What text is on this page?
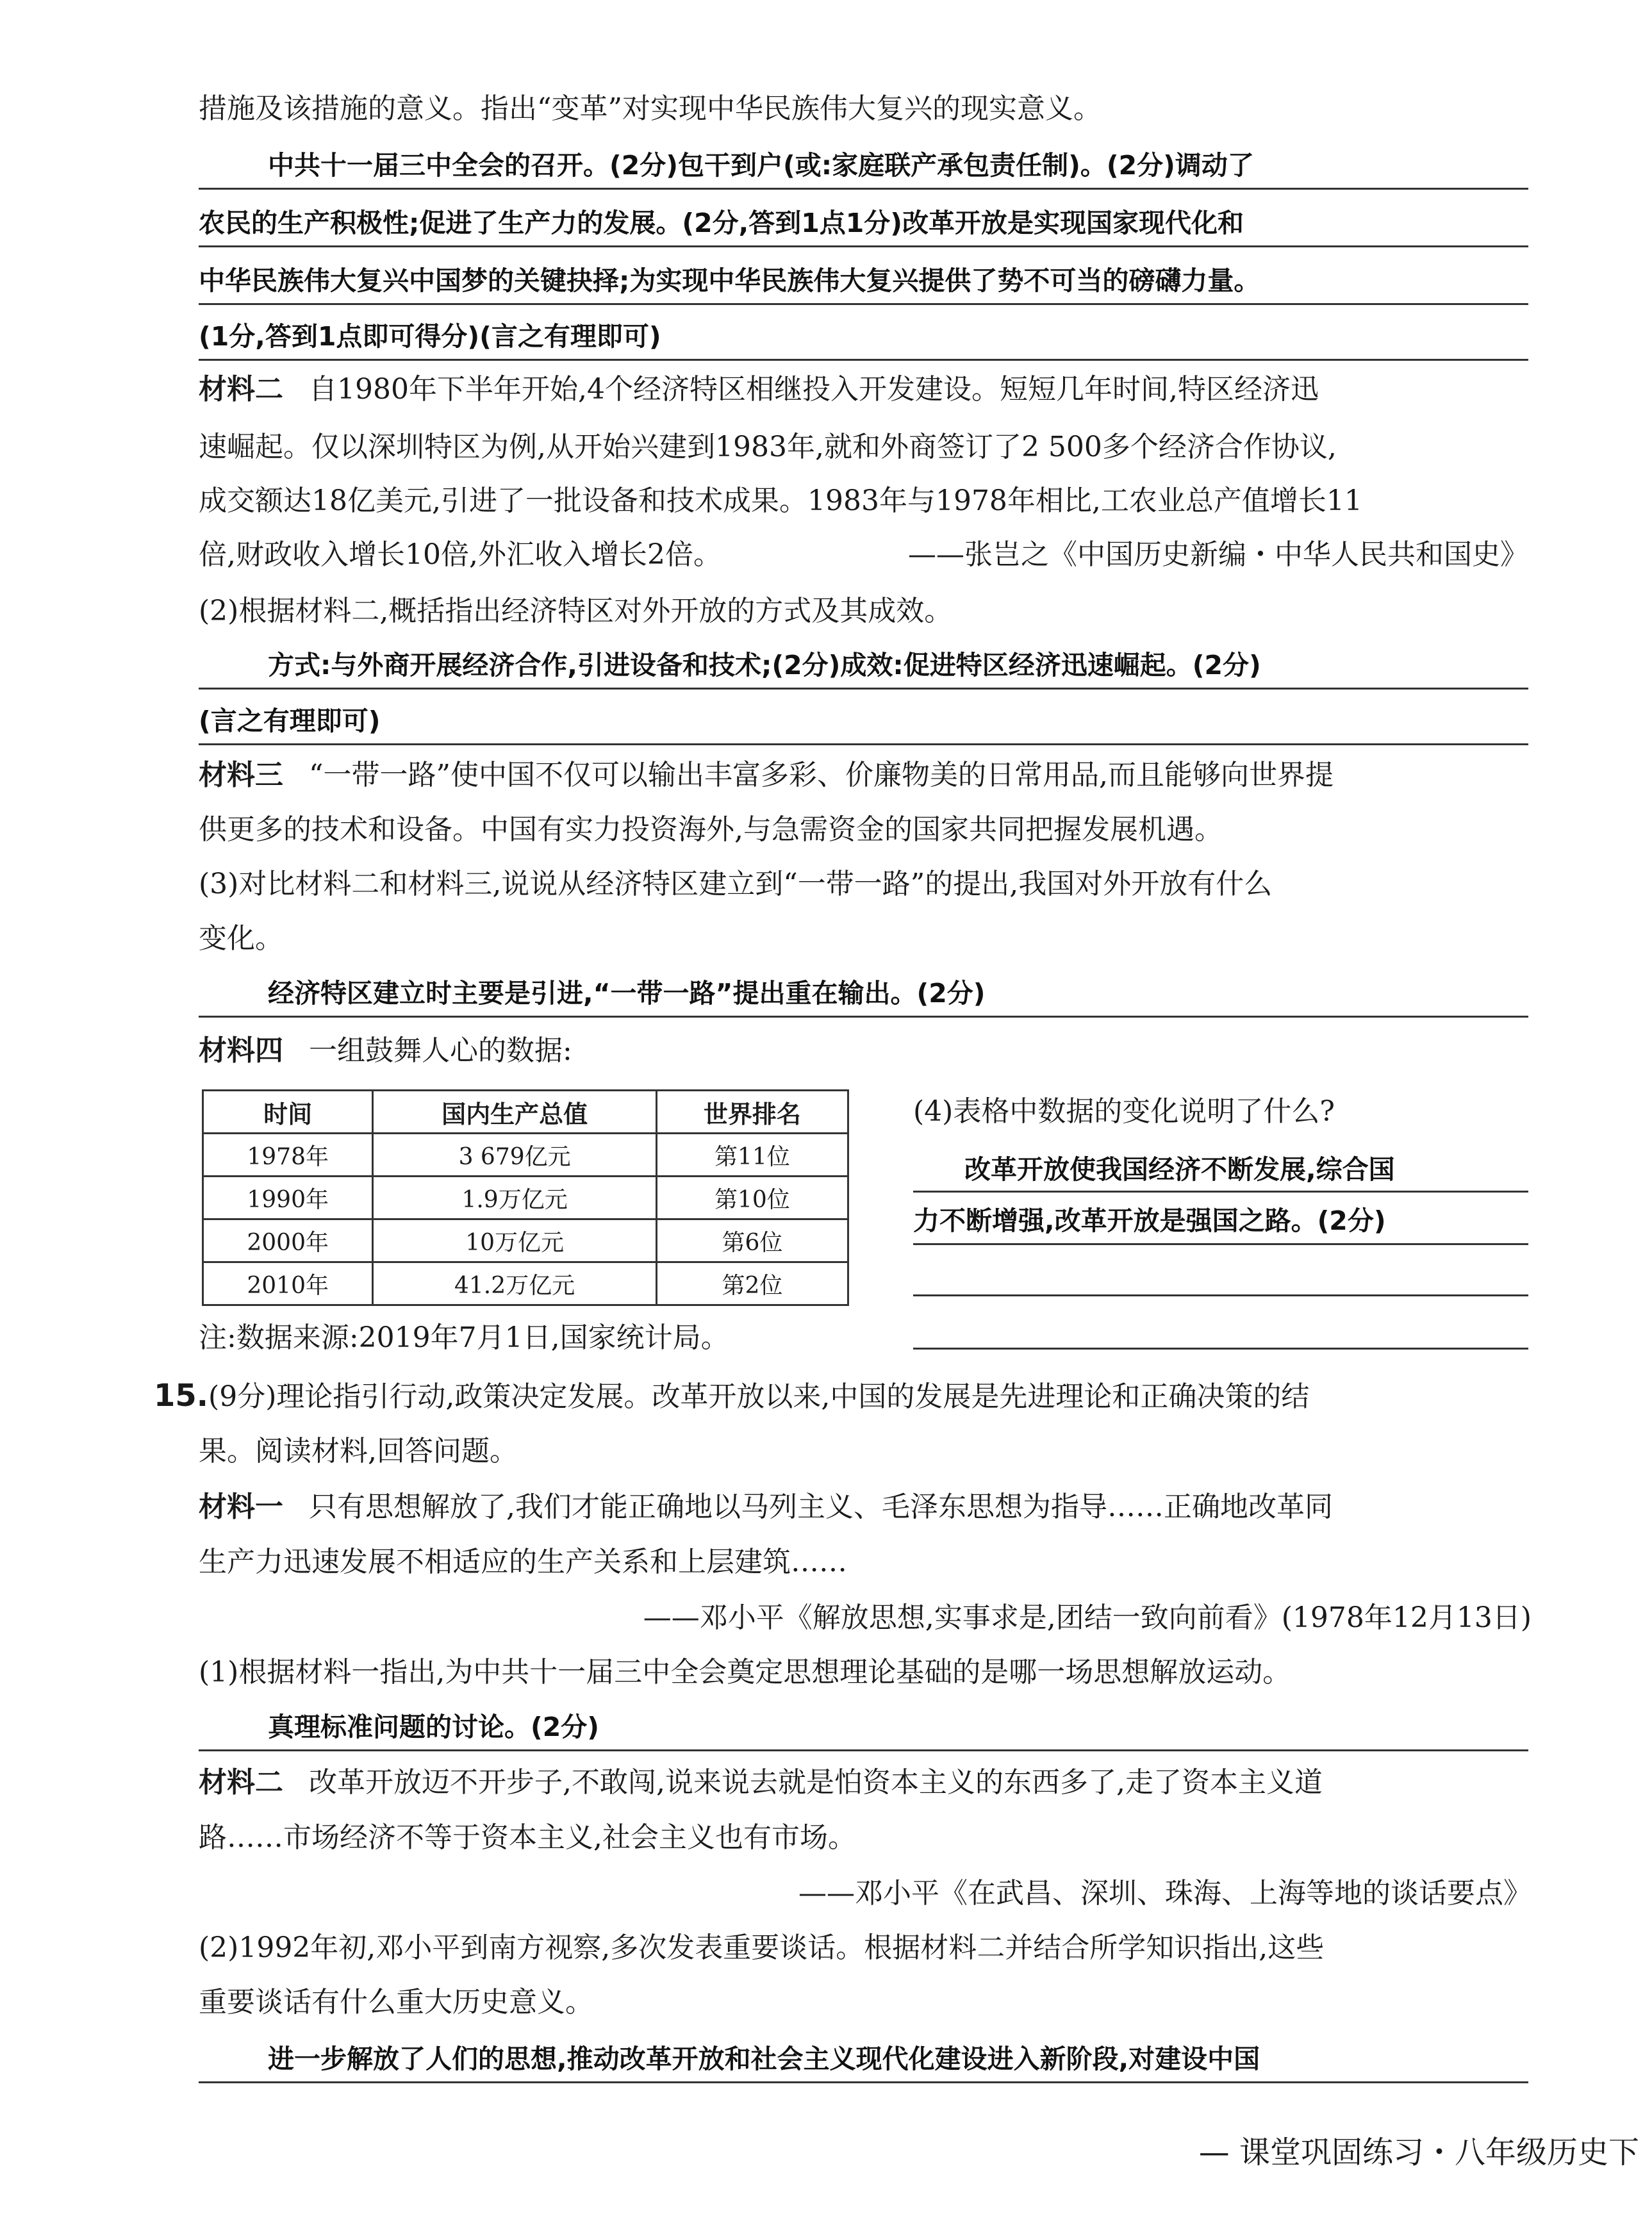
措施及该措施的意义。指出“变革”对实现中华民族伟大复兴的现实意义。
中共十一届三中全会的召开。(2分)包干到户(或:家庭联产承包责任制)。(2分)调动了
农民的生产积极性;促进了生产力的发展。(2分,答到1点1分)改革开放是实现国家现代化和
中华民族伟大复兴中国梦的关键抉择;为实现中华民族伟大复兴提供了势不可当的磅礴力量。
(1分,答到1点即可得分)(言之有理即可)
材料二 自1980年下半年开始,4个经济特区相继投入开发建设。短短几年时间,特区经济迅
速崛起。仅以深圳特区为例,从开始兴建到1983年,就和外商签订了2 500多个经济合作协议,
成交额达18亿美元,引进了一批设备和技术成果。1983年与1978年相比,工农业总产值增长11
倍,财政收入增长10倍,外汇收入增长2倍。	——张岂之《中国历史新编・中华人民共和国史》
(2)根据材料二,概括指出经济特区对外开放的方式及其成效。
方式:与外商开展经济合作,引进设备和技术;(2分)成效:促进特区经济迅速崛起。(2分)
(言之有理即可)
材料三 “一带一路”使中国不仅可以输出丰富多彩、价廉物美的日常用品,而且能够向世界提
供更多的技术和设备。中国有实力投资海外,与急需资金的国家共同把握发展机遇。
(3)对比材料二和材料三,说说从经济特区建立到“一带一路”的提出,我国对外开放有什么
变化。
经济特区建立时主要是引进,“一带一路”提出重在输出。(2分)
材料四 一组鼓舞人心的数据:
时间	国内生产总值	世界排名
1978年	3 679亿元	第11位
1990年	1.9万亿元	第10位
2000年	10万亿元	第6位
2010年	41.2万亿元	第2位
(4)表格中数据的变化说明了什么?
改革开放使我国经济不断发展,综合国
力不断增强,改革开放是强国之路。(2分)
注:数据来源:2019年7月1日,国家统计局。
15.(9分)理论指引行动,政策决定发展。改革开放以来,中国的发展是先进理论和正确决策的结
果。阅读材料,回答问题。
材料一 只有思想解放了,我们才能正确地以马列主义、毛泽东思想为指导……正确地改革同
生产力迅速发展不相适应的生产关系和上层建筑……
——邓小平《解放思想,实事求是,团结一致向前看》(1978年12月13日)
(1)根据材料一指出,为中共十一届三中全会奠定思想理论基础的是哪一场思想解放运动。
真理标准问题的讨论。(2分)
材料二 改革开放迈不开步子,不敢闯,说来说去就是怕资本主义的东西多了,走了资本主义道
路……市场经济不等于资本主义,社会主义也有市场。
——邓小平《在武昌、深圳、珠海、上海等地的谈话要点》
(2)1992年初,邓小平到南方视察,多次发表重要谈话。根据材料二并结合所学知识指出,这些
重要谈话有什么重大历史意义。
进一步解放了人们的思想,推动改革开放和社会主义现代化建设进入新阶段,对建设中国
— 课堂巩固练习・八年级历史下
